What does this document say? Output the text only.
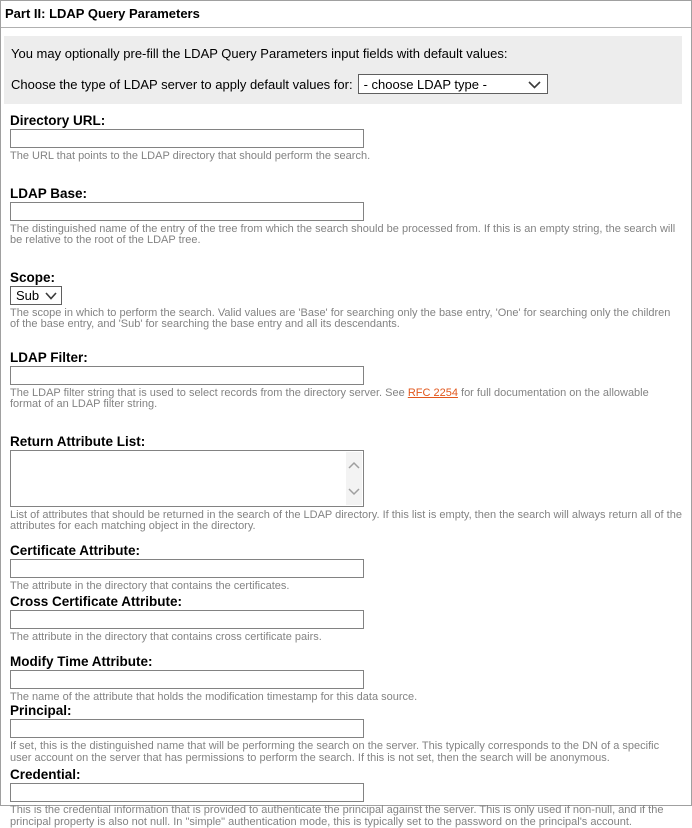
Part II: LDAP Query Parameters
You may optionally pre-fill the LDAP Query Parameters input fields with default values:
Choose the type of LDAP server to apply default values for: - choose LDAP type -
Directory URL:
The URL that points to the LDAP directory that should perform the search.
LDAP Base:
The distinguished name of the entry of the tree from which the search should be processed from. If this is an empty string, the search will be relative to the root of the LDAP tree.
Scope:
Sub
The scope in which to perform the search. Valid values are 'Base' for searching only the base entry, 'One' for searching only the children of the base entry, and 'Sub' for searching the base entry and all its descendants.
LDAP Filter:
The LDAP filter string that is used to select records from the directory server. See RFC 2254 for full documentation on the allowable format of an LDAP filter string.
Return Attribute List:
List of attributes that should be returned in the search of the LDAP directory. If this list is empty, then the search will always return all of the attributes for each matching object in the directory.
Certificate Attribute:
The attribute in the directory that contains the certificates.
Cross Certificate Attribute:
The attribute in the directory that contains cross certificate pairs.
Modify Time Attribute:
The name of the attribute that holds the modification timestamp for this data source.
Principal:
If set, this is the distinguished name that will be performing the search on the server. This typically corresponds to the DN of a specific user account on the server that has permissions to perform the search. If this is not set, then the search will be anonymous.
Credential:
This is the credential information that is provided to authenticate the principal against the server. This is only used if non-null, and if the principal property is also not null. In "simple" authentication mode, this is typically set to the password on the principal's account.
